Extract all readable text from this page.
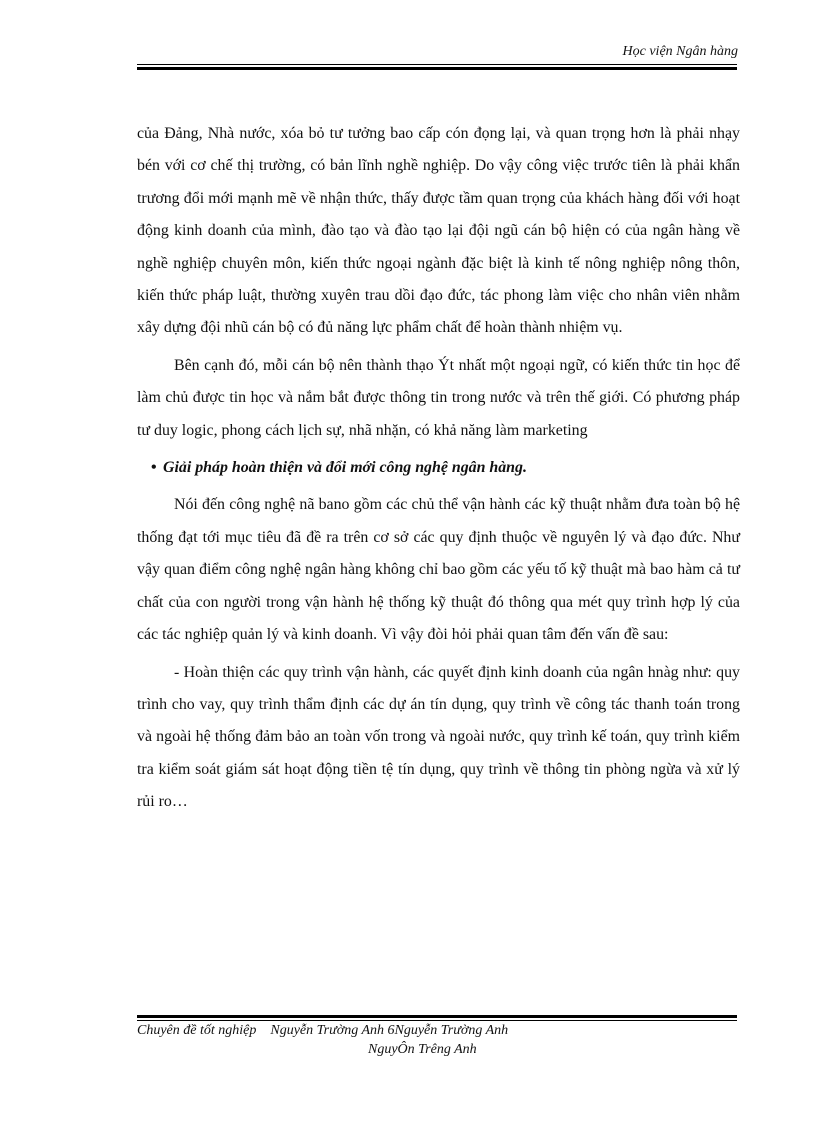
Học viện Ngân hàng

của Đảng, Nhà nước, xóa bỏ tư tưởng bao cấp cón đọng lại, và quan trọng hơn là phải nhạy bén với cơ chế thị trường, có bản lĩnh nghề nghiệp. Do vậy công việc trước tiên là phải khẩn trương đổi mới mạnh mẽ về nhận thức, thấy được tầm quan trọng của khách hàng đối với hoạt động kinh doanh của mình, đào tạo và đào tạo lại đội ngũ cán bộ hiện có của ngân hàng về nghề nghiệp chuyên môn, kiến thức ngoại ngành đặc biệt là kinh tế nông nghiệp nông thôn, kiến thức pháp luật, thường xuyên trau dồi đạo đức, tác phong làm việc cho nhân viên nhằm xây dựng đội nhũ cán bộ có đủ năng lực phẩm chất để hoàn thành nhiệm vụ.

Bên cạnh đó, mỗi cán bộ nên thành thạo Ýt nhất một ngoại ngữ, có kiến thức tin học để làm chủ được tin học và nắm bắt được thông tin trong nước và trên thế giới. Có phương pháp tư duy logic, phong cách lịch sự, nhã nhặn, có khả năng làm marketing

• Giải pháp hoàn thiện và đổi mới công nghệ ngân hàng.

Nói đến công nghệ nã bano gồm các chủ thể vận hành các kỹ thuật nhằm đưa toàn bộ hệ thống đạt tới mục tiêu đã đề ra trên cơ sở các quy định thuộc về nguyên lý và đạo đức. Như vậy quan điểm công nghệ ngân hàng không chỉ bao gồm các yếu tố kỹ thuật mà bao hàm cả tư chất của con người trong vận hành hệ thống kỹ thuật đó thông qua mét quy trình hợp lý của các tác nghiệp quản lý và kinh doanh. Vì vậy đòi hỏi phải quan tâm đến vấn đề sau:

- Hoàn thiện các quy trình vận hành, các quyết định kinh doanh của ngân hnàg như: quy trình cho vay, quy trình thẩm định các dự án tín dụng, quy trình về công tác thanh toán trong và ngoài hệ thống đảm bảo an toàn vốn trong và ngoài nước, quy trình kế toán, quy trình kiểm tra kiểm soát giám sát hoạt động tiền tệ tín dụng, quy trình về thông tin phòng ngừa và xử lý rủi ro…

Chuyên đề tốt nghiệp    Nguyễn Trường Anh 6Nguyễn Trường Anh
NguyÔn Trêng Anh
